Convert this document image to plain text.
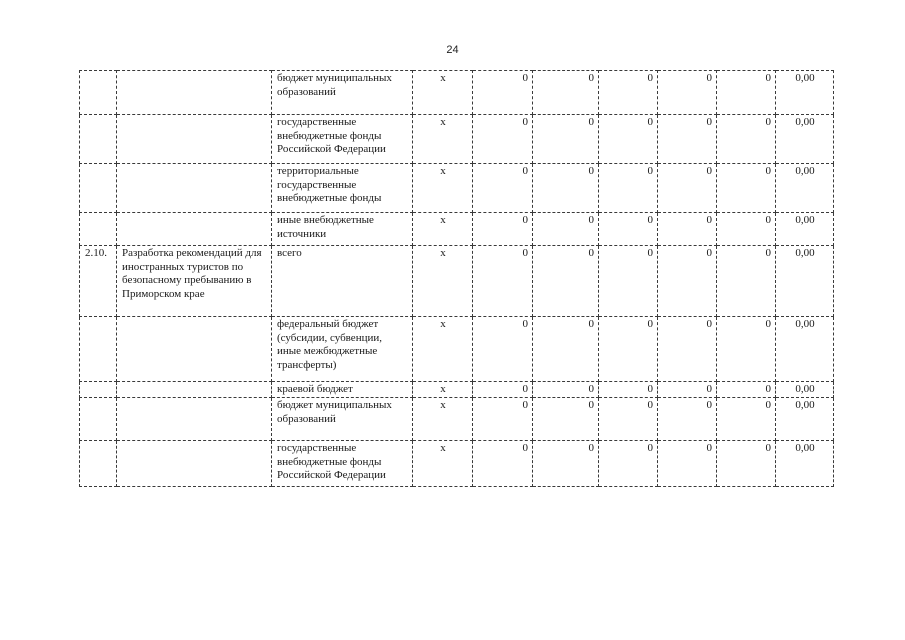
24
		бюджет муниципальных образований	х	0	0	0	0	0	0,00
		государственные внебюджетные фонды Российской Федерации	х	0	0	0	0	0	0,00
		территориальные государственные внебюджетные фонды	х	0	0	0	0	0	0,00
		иные внебюджетные источники	х	0	0	0	0	0	0,00
2.10.	Разработка рекомендаций для иностранных туристов по безопасному пребыванию в Приморском крае	всего	х	0	0	0	0	0	0,00
		федеральный бюджет (субсидии, субвенции, иные межбюджетные трансферты)	х	0	0	0	0	0	0,00
		краевой бюджет	х	0	0	0	0	0	0,00
		бюджет муниципальных образований	х	0	0	0	0	0	0,00
		государственные внебюджетные фонды Российской Федерации	х	0	0	0	0	0	0,00
